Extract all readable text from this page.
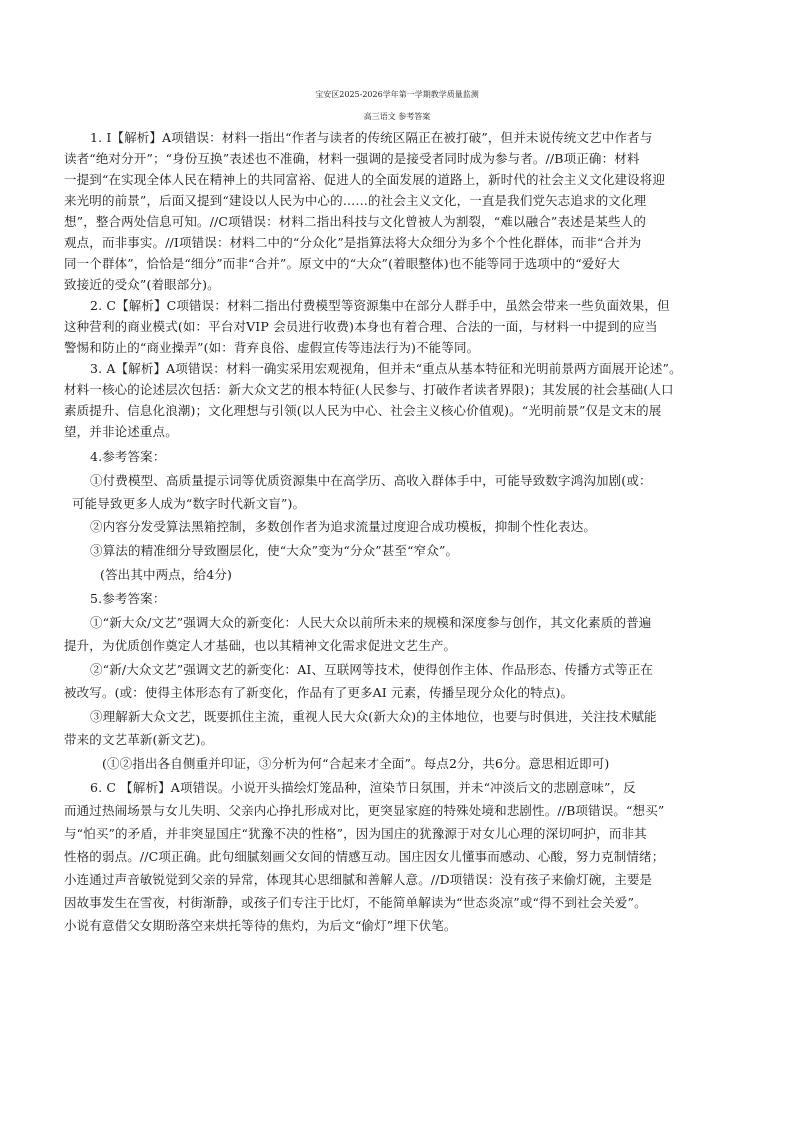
宝安区2025-2026学年第一学期教学质量监测
高三语文 参考答案
1. I【解析】A项错误：材料一指出“作者与读者的传统区隔正在被打破”，但并未说传统文艺中作者与
读者“绝对分开”；“身份互换”表述也不准确，材料一强调的是接受者同时成为参与者。//B项正确：材料
一提到“在实现全体人民在精神上的共同富裕、促进人的全面发展的道路上，新时代的社会主义文化建设将迎
来光明的前景”，后面又提到“建设以人民为中心的……的社会主义文化，一直是我们党矢志追求的文化理
想”，整合两处信息可知。//C项错误：材料二指出科技与文化曾被人为割裂，“难以融合”表述是某些人的
观点，而非事实。//I项错误：材料二中的“分众化”是指算法将大众细分为多个个性化群体，而非“合并为
同一个群体”，恰恰是“细分”而非“合并”。原文中的“大众”(着眼整体)也不能等同于选项中的“爱好大
致接近的受众”(着眼部分)。
2. C【解析】C项错误：材料二指出付费模型等资源集中在部分人群手中，虽然会带来一些负面效果，但
这种营利的商业模式(如：平台对VIP 会员进行收费)本身也有着合理、合法的一面，与材料一中提到的应当
警惕和防止的“商业操弄”(如：背弃良俗、虚假宣传等违法行为)不能等同。
3. A【解析】A项错误：材料一确实采用宏观视角，但并未“重点从基本特征和光明前景两方面展开论述”。
材料一核心的论述层次包括：新大众文艺的根本特征(人民参与、打破作者读者界限)；其发展的社会基础(人口
素质提升、信息化浪潮)；文化理想与引领(以人民为中心、社会主义核心价值观)。“光明前景”仅是文末的展
望，并非论述重点。
4.参考答案：
①付费模型、高质量提示词等优质资源集中在高学历、高收入群体手中，可能导致数字鸿沟加剧(或：
可能导致更多人成为“数字时代新文盲”)。
②内容分发受算法黑箱控制，多数创作者为追求流量过度迎合成功模板，抑制个性化表达。
③算法的精准细分导致圈层化，使“大众”变为“分众”甚至“窄众”。
(答出其中两点，给4分)
5.参考答案：
①“新大众/文艺”强调大众的新变化：人民大众以前所未来的规模和深度参与创作，其文化素质的普遍
提升，为优质创作奠定人才基础，也以其精神文化需求促进文艺生产。
②“新/大众文艺”强调文艺的新变化：AI、互联网等技术，使得创作主体、作品形态、传播方式等正在
被改写。(或：使得主体形态有了新变化，作品有了更多AI 元素，传播呈现分众化的特点)。
③理解新大众文艺，既要抓住主流，重视人民大众(新大众)的主体地位，也要与时俱进，关注技术赋能
带来的文艺革新(新文艺)。
(①②指出各自侧重并印证，③分析为何“合起来才全面”。每点2分，共6分。意思相近即可)
6. C 【解析】A项错误。小说开头描绘灯笼品种，渲染节日氛围，并未“冲淡后文的悲剧意味”，反
而通过热闹场景与女儿失明、父亲内心挣扎形成对比，更突显家庭的特殊处境和悲剧性。//B项错误。“想买”
与“怕买”的矛盾，并非突显国庄“犹豫不决的性格”，因为国庄的犹豫源于对女儿心理的深切呵护，而非其
性格的弱点。//C项正确。此句细腻刻画父女间的情感互动。国庄因女儿懂事而感动、心酸，努力克制情绪；
小连通过声音敏锐觉到父亲的异常，体现其心思细腻和善解人意。//D项错误：没有孩子来偷灯碗，主要是
因故事发生在雪夜，村街渐静，或孩子们专注于比灯，不能简单解读为“世态炎凉”或“得不到社会关爱”。
小说有意借父女期盼落空来烘托等待的焦灼，为后文“偷灯”埋下伏笔。
